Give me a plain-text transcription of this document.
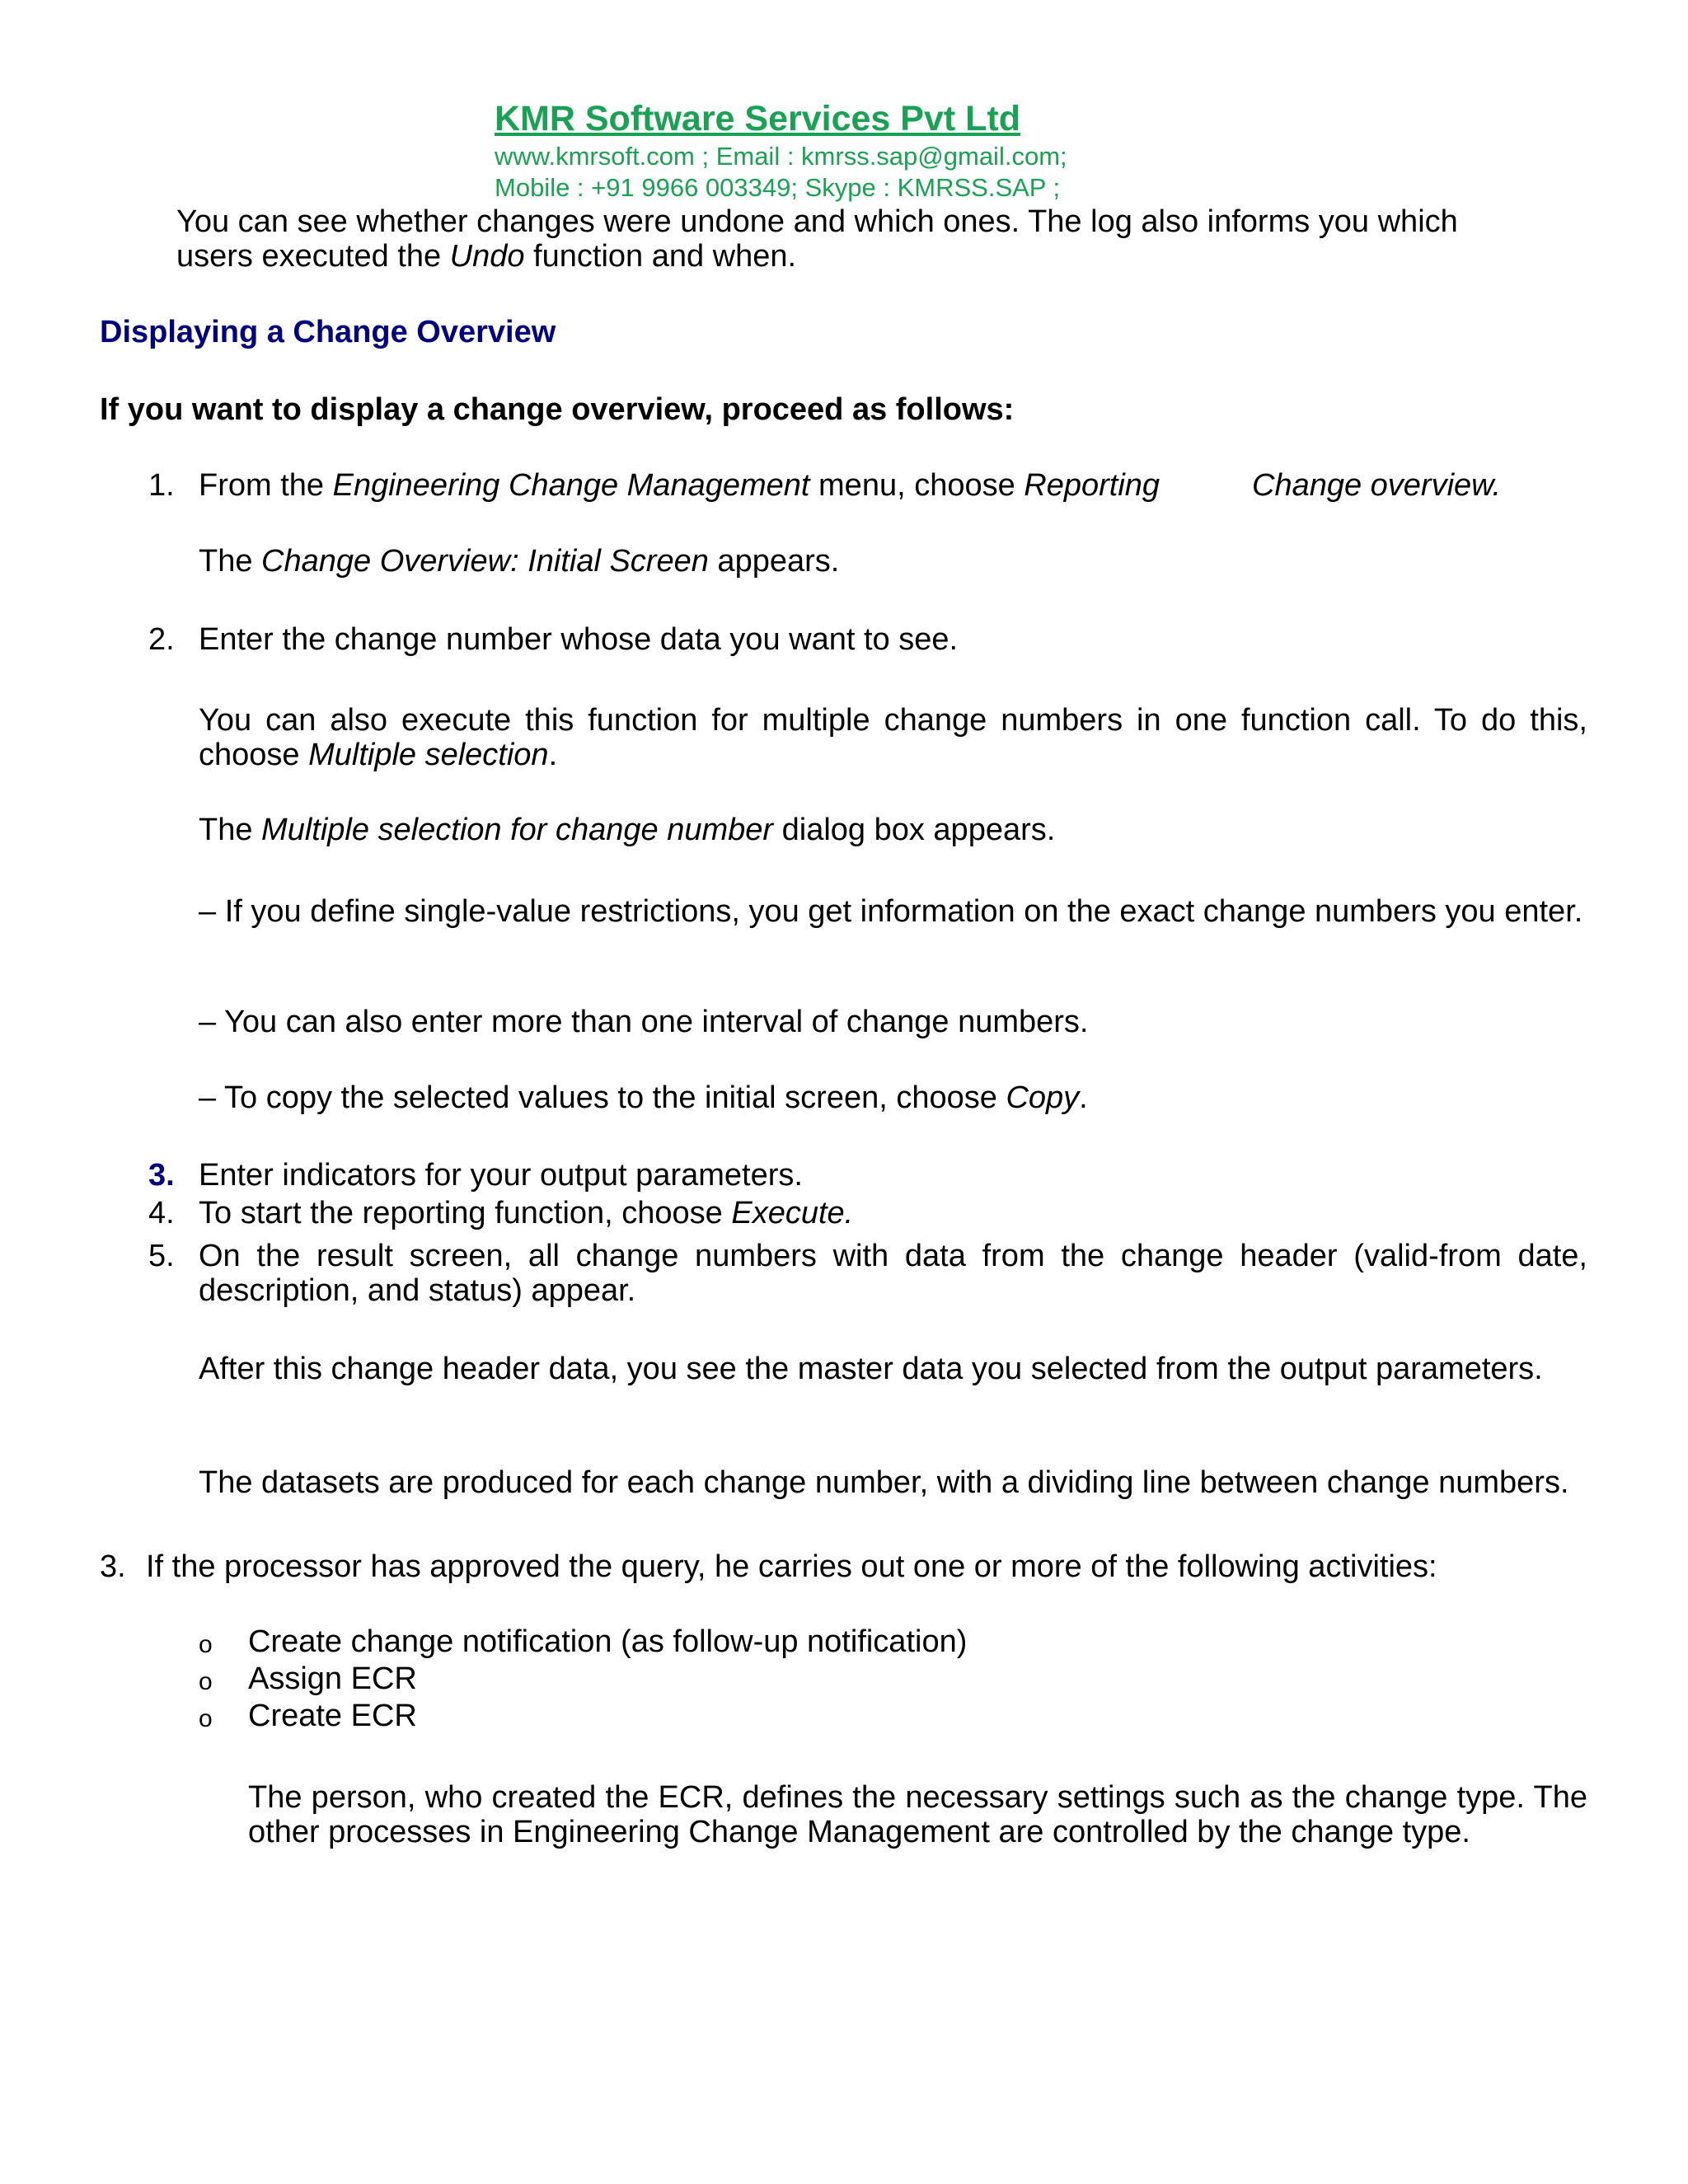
KMR Software Services Pvt Ltd
www.kmrsoft.com ; Email : kmrss.sap@gmail.com;
Mobile : +91 9966 003349; Skype : KMRSS.SAP ;
You can see whether changes were undone and which ones. The log also informs you which
users executed the Undo function and when.
Displaying a Change Overview
If you want to display a change overview, proceed as follows:
1. From the Engineering Change Management menu, choose Reporting	Change overview.
The Change Overview: Initial Screen appears.
2. Enter the change number whose data you want to see.
You can also execute this function for multiple change numbers in one function call. To do this, choose Multiple selection.
The Multiple selection for change number dialog box appears.
– If you define single-value restrictions, you get information on the exact change numbers you enter.
– You can also enter more than one interval of change numbers.
– To copy the selected values to the initial screen, choose Copy.
3. Enter indicators for your output parameters.
4. To start the reporting function, choose Execute.
5. On the result screen, all change numbers with data from the change header (valid-from date, description, and status) appear.
After this change header data, you see the master data you selected from the output parameters.
The datasets are produced for each change number, with a dividing line between change numbers.
3. If the processor has approved the query, he carries out one or more of the following activities:
o Create change notification (as follow-up notification)
o Assign ECR
o Create ECR
The person, who created the ECR, defines the necessary settings such as the change type. The other processes in Engineering Change Management are controlled by the change type.
